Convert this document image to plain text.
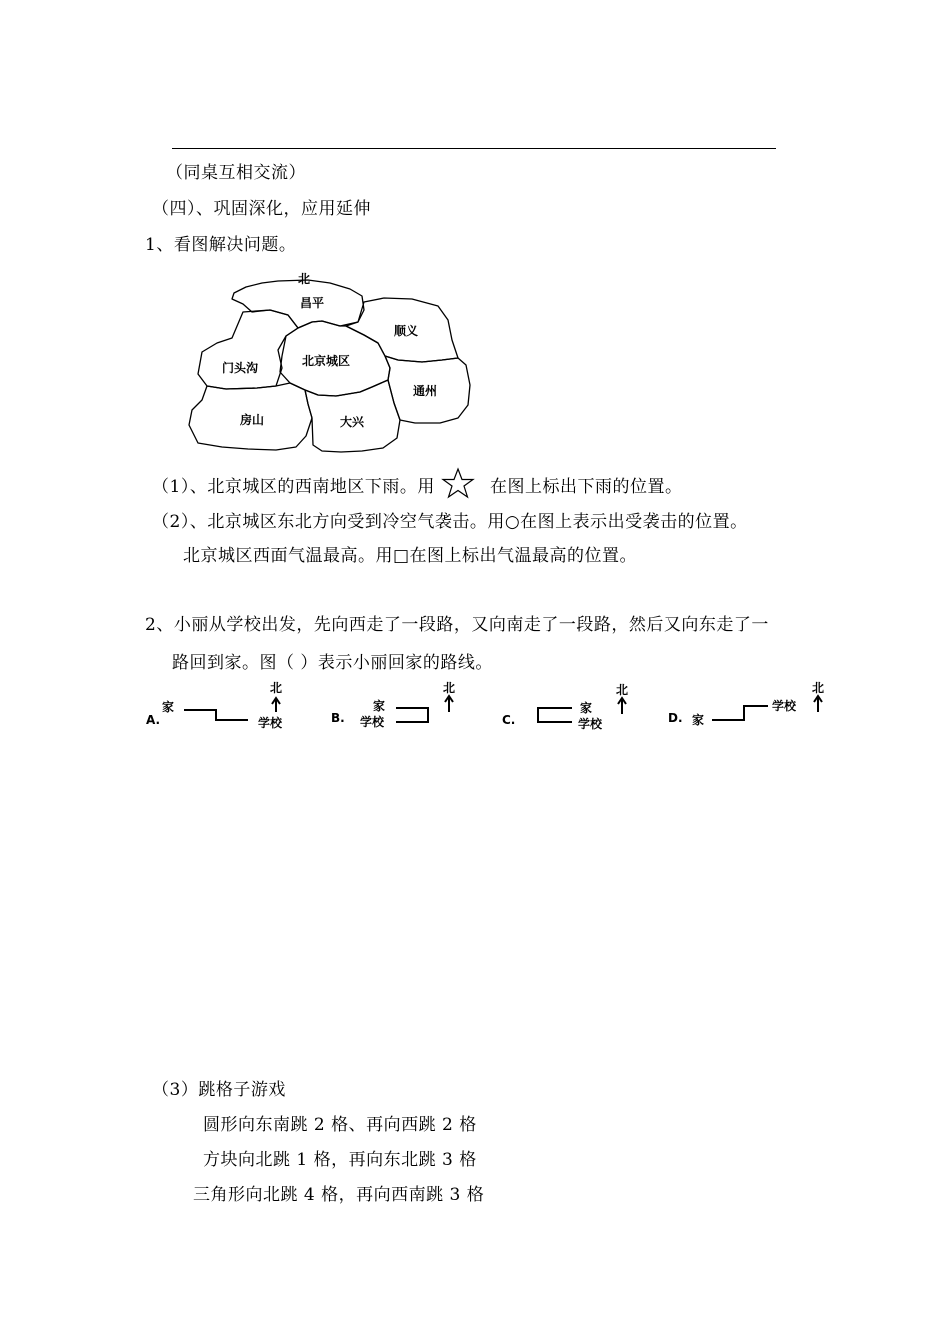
（同桌互相交流）
（四）、巩固深化，应用延伸
1、看图解决问题。
北
昌平
顺义
门头沟	北京城区
通州
房山	大兴
（1）、北京城区的西南地区下雨。用	在图上标出下雨的位置。
（2）、北京城区东北方向受到冷空气袭击。用○在图上表示出受袭击的位置。
北京城区西面气温最高。用□在图上标出气温最高的位置。
2、小丽从学校出发，先向西走了一段路，又向南走了一段路，然后又向东走了一
路回到家。图（ ）表示小丽回家的路线。
A.
家
学校
北
B.
家
学校
北
C.
家
学校
北
D. 家
学校
北
（3）跳格子游戏
圆形向东南跳 2 格、再向西跳 2 格
方块向北跳 1 格，再向东北跳 3 格
三角形向北跳 4 格，再向西南跳 3 格
